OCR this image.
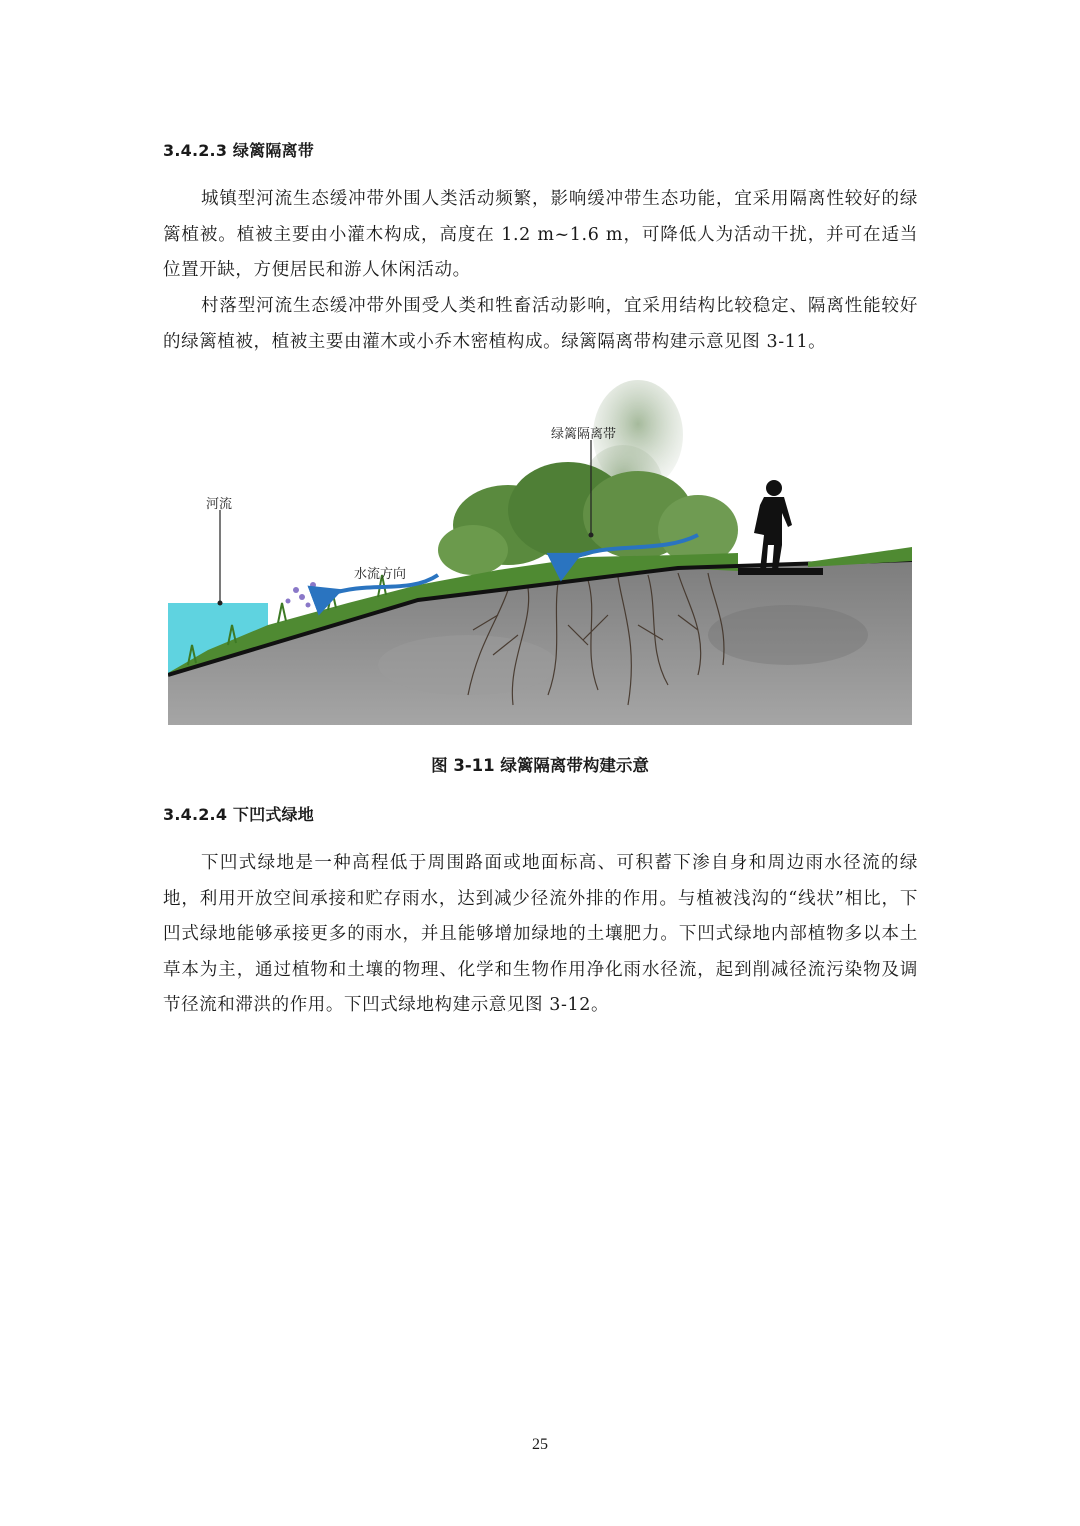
3.4.2.3 绿篱隔离带
城镇型河流生态缓冲带外围人类活动频繁，影响缓冲带生态功能，宜采用隔离性较好的绿篱植被。植被主要由小灌木构成，高度在 1.2 m~1.6 m，可降低人为活动干扰，并可在适当位置开缺，方便居民和游人休闲活动。
村落型河流生态缓冲带外围受人类和牲畜活动影响，宜采用结构比较稳定、隔离性能较好的绿篱植被，植被主要由灌木或小乔木密植构成。绿篱隔离带构建示意见图 3-11。
河流
水流方向
绿篱隔离带
图 3-11 绿篱隔离带构建示意
3.4.2.4 下凹式绿地
下凹式绿地是一种高程低于周围路面或地面标高、可积蓄下渗自身和周边雨水径流的绿地，利用开放空间承接和贮存雨水，达到减少径流外排的作用。与植被浅沟的“线状”相比，下凹式绿地能够承接更多的雨水，并且能够增加绿地的土壤肥力。下凹式绿地内部植物多以本土草本为主，通过植物和土壤的物理、化学和生物作用净化雨水径流，起到削减径流污染物及调节径流和滞洪的作用。下凹式绿地构建示意见图 3-12。
25
